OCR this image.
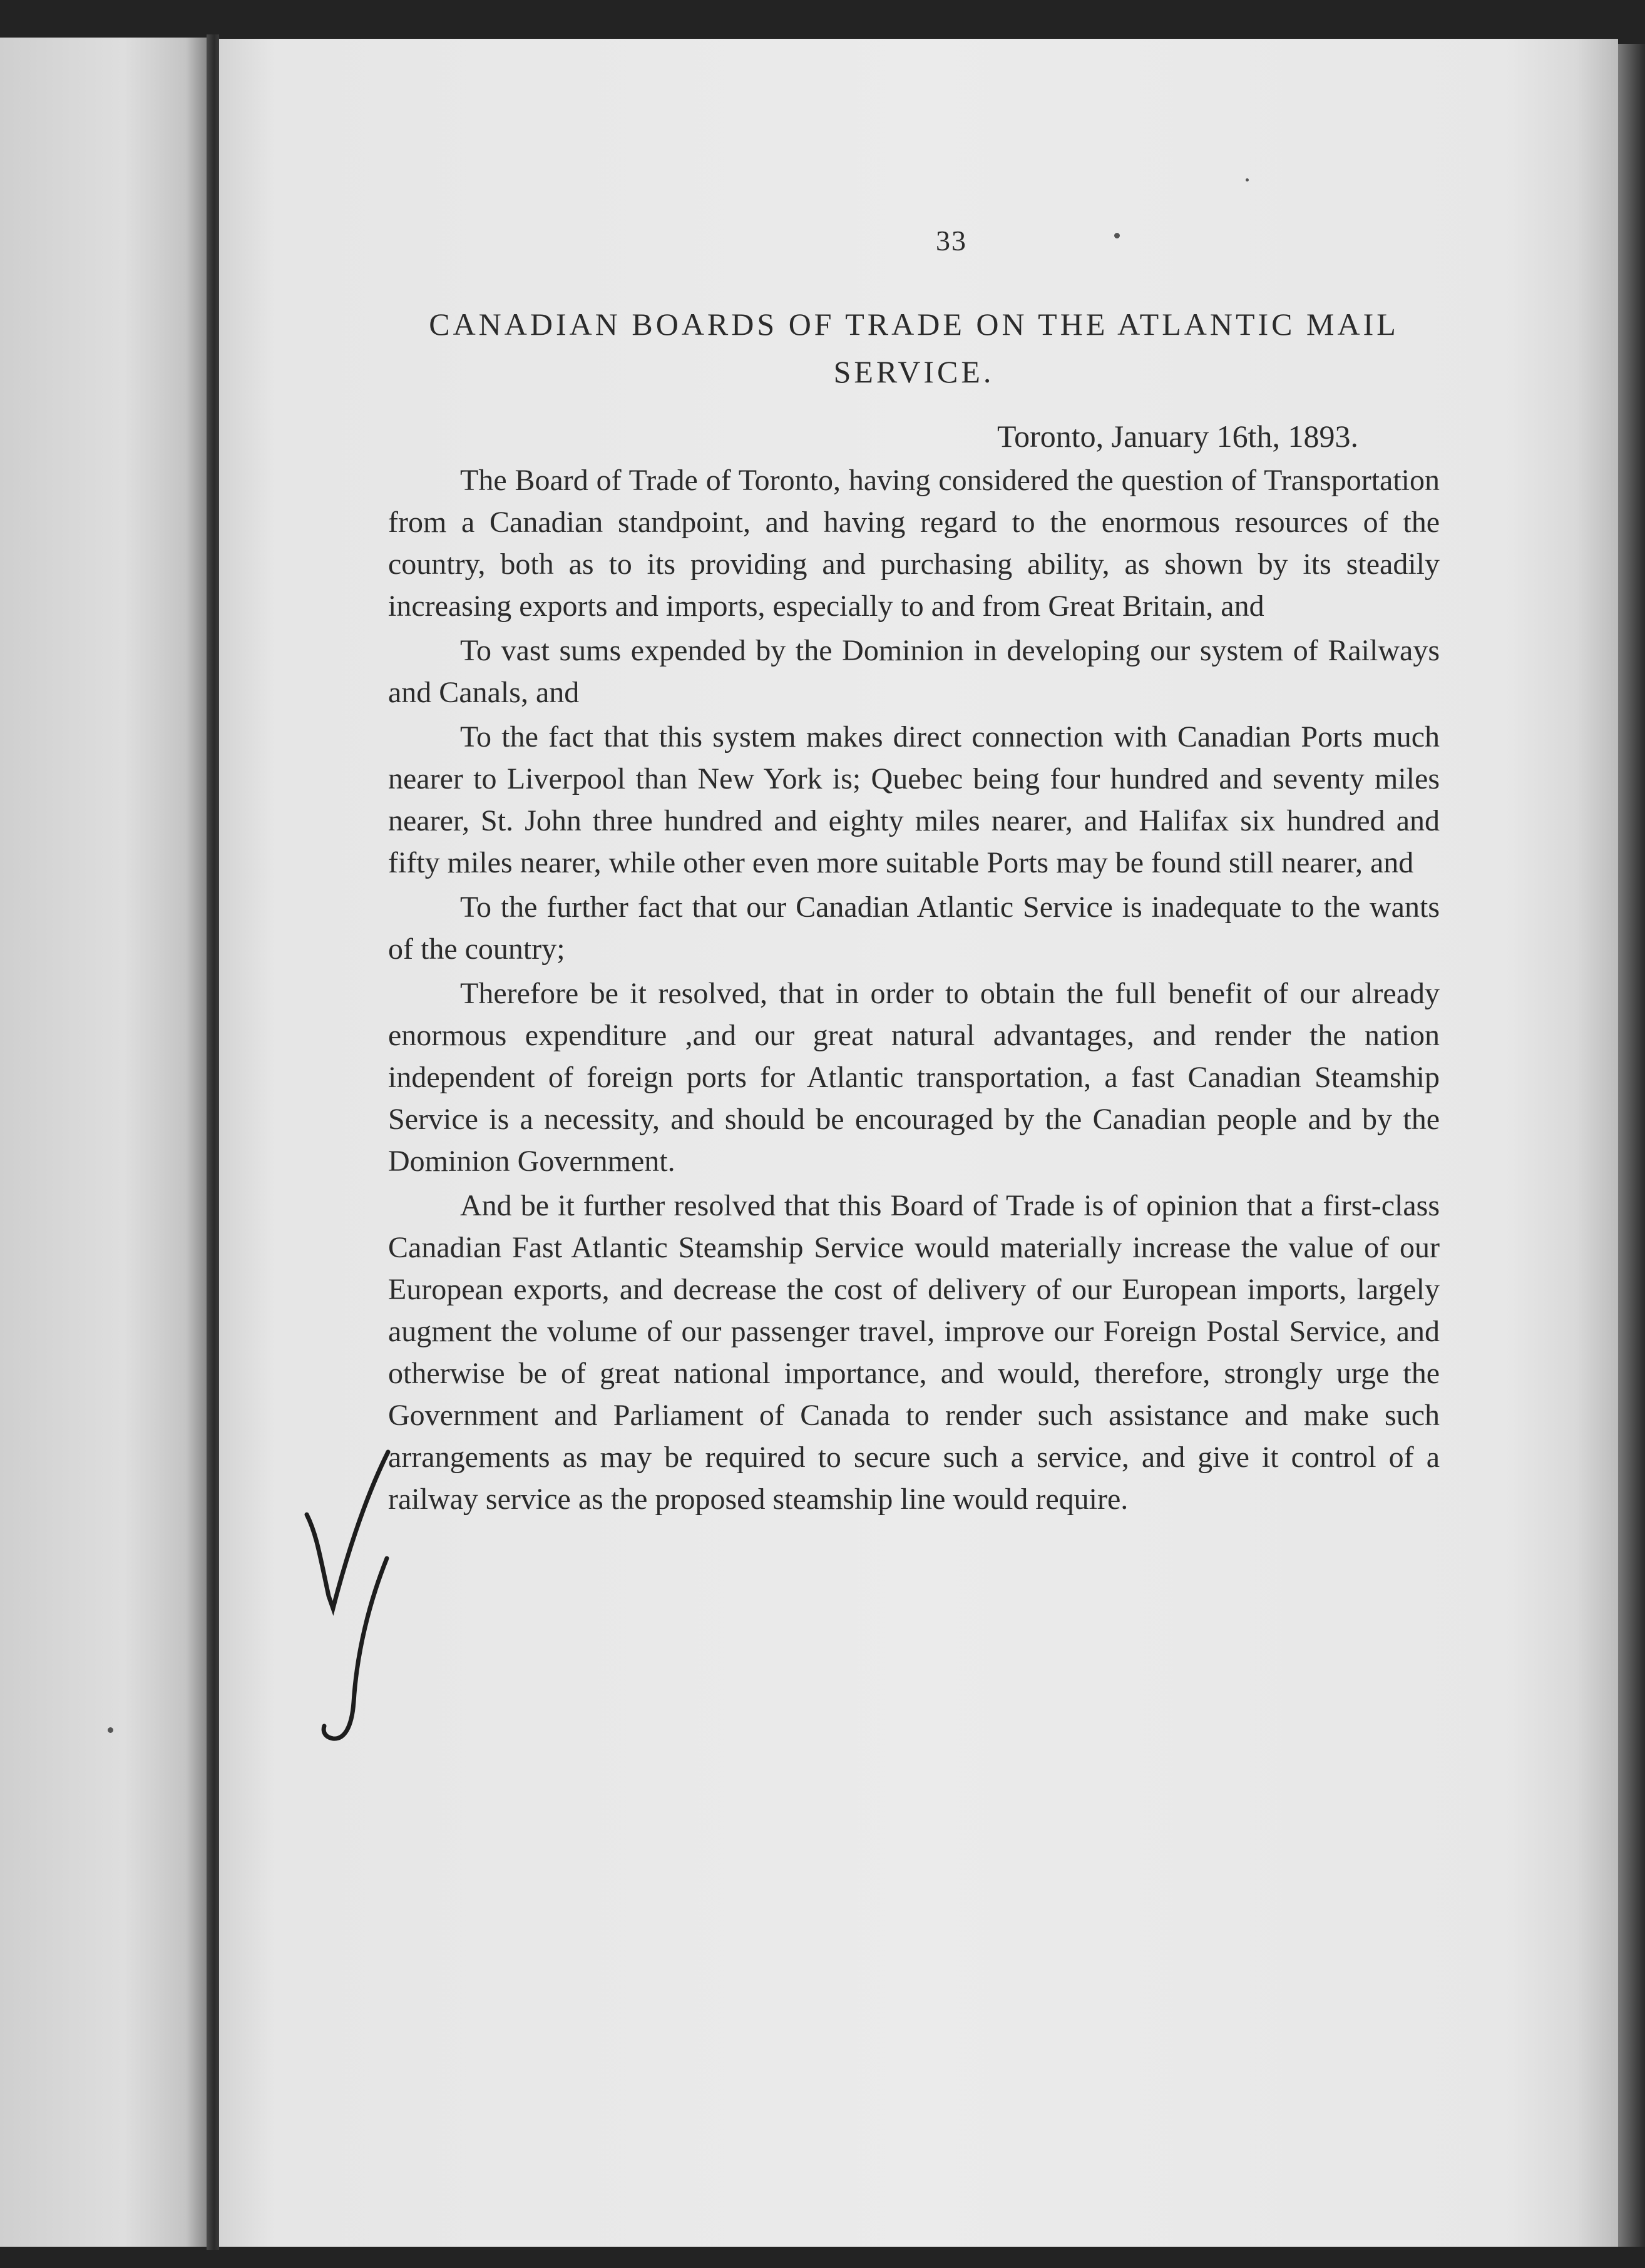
33
CANADIAN BOARDS OF TRADE ON THE ATLANTIC MAIL SERVICE.
Toronto, January 16th, 1893.

The Board of Trade of Toronto, having considered the question of Transportation from a Canadian standpoint, and having regard to the enormous resources of the country, both as to its providing and purchasing ability, as shown by its steadily increasing exports and imports, especially to and from Great Britain, and

To vast sums expended by the Dominion in developing our system of Railways and Canals, and

To the fact that this system makes direct connection with Canadian Ports much nearer to Liverpool than New York is; Quebec being four hundred and seventy miles nearer, St. John three hundred and eighty miles nearer, and Halifax six hundred and fifty miles nearer, while other even more suitable Ports may be found still nearer, and

To the further fact that our Canadian Atlantic Service is inadequate to the wants of the country;

Therefore be it resolved, that in order to obtain the full benefit of our already enormous expenditure ,and our great natural advantages, and render the nation independent of foreign ports for Atlantic transportation, a fast Canadian Steamship Service is a necessity, and should be encouraged by the Canadian people and by the Dominion Government.

And be it further resolved that this Board of Trade is of opinion that a first-class Canadian Fast Atlantic Steamship Service would materially increase the value of our European exports, and decrease the cost of delivery of our European imports, largely augment the volume of our passenger travel, improve our Foreign Postal Service, and otherwise be of great national importance, and would, therefore, strongly urge the Government and Parliament of Canada to render such assistance and make such arrangements as may be required to secure such a service, and give it control of a railway service as the proposed steamship line would require.
